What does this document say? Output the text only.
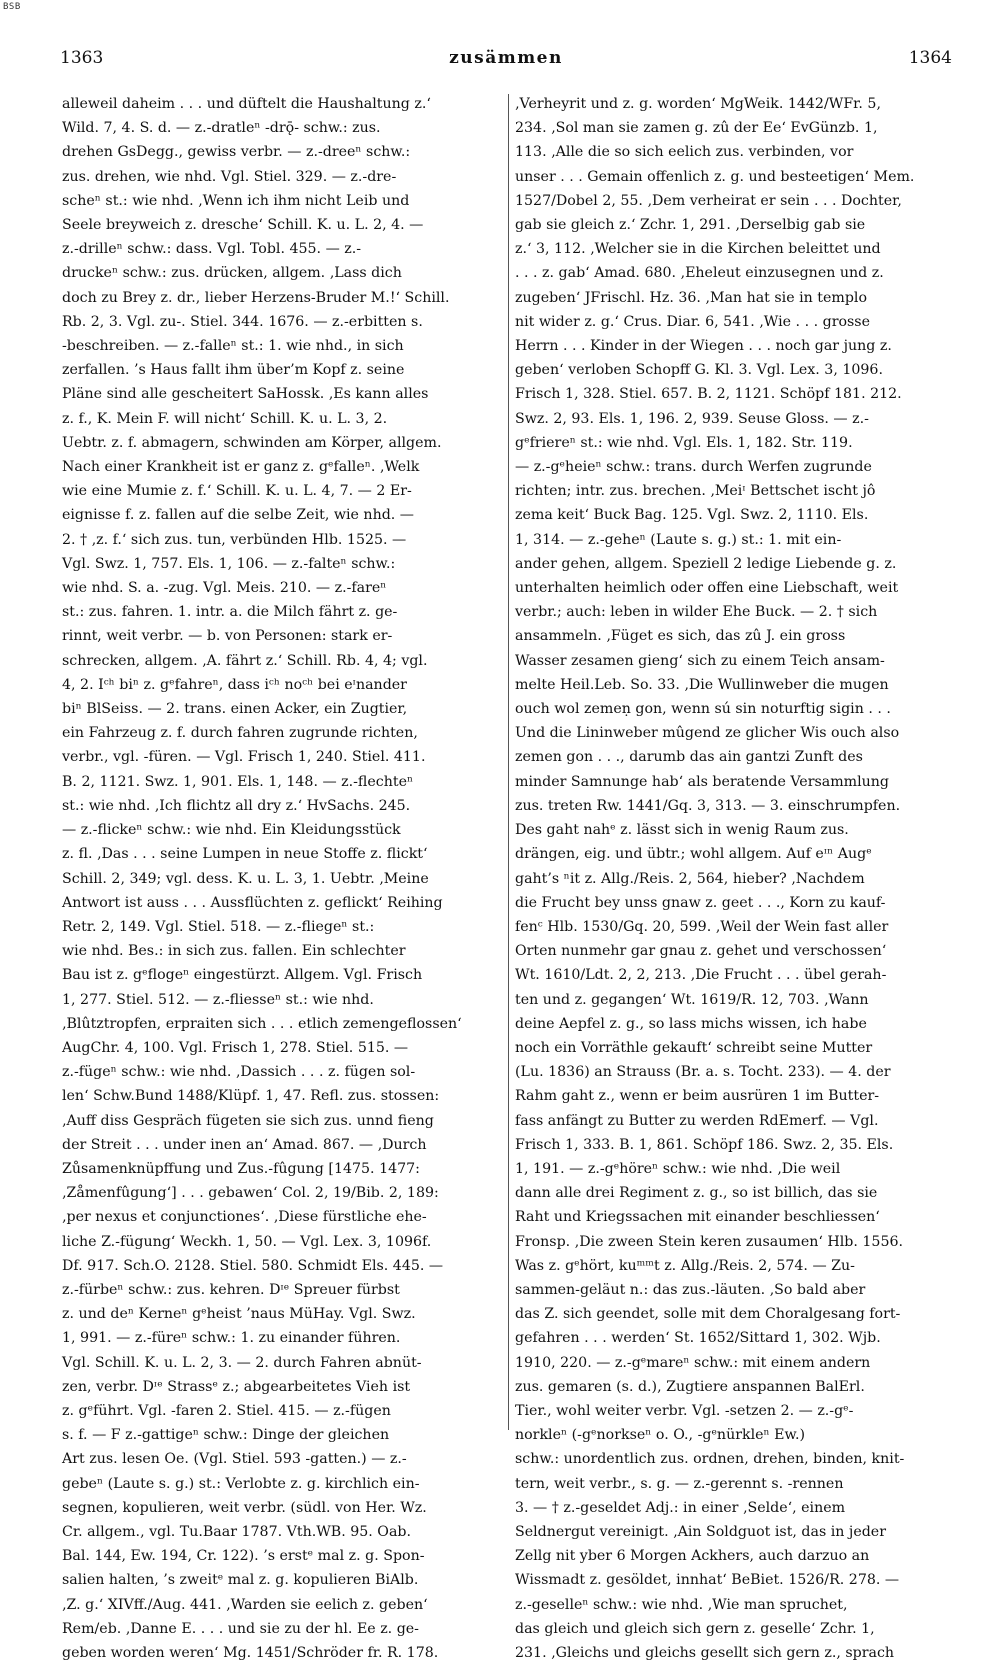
BSB
1363	zusämmen	1364
alleweil daheim . . . und düftelt die Haushaltung z.‘
Wild. 7, 4. S. d. — z.-dratleⁿ -drǭ- schw.: zus.
drehen GsDegg., gewiss verbr. — z.-dreeⁿ schw.:
zus. drehen, wie nhd. Vgl. Stiel. 329. — z.-dre-
scheⁿ st.: wie nhd. ‚Wenn ich ihm nicht Leib und
Seele breyweich z. dresche‘ Schill. K. u. L. 2, 4. —
z.-drilleⁿ schw.: dass. Vgl. Tobl. 455. — z.-
druckeⁿ schw.: zus. drücken, allgem. ‚Lass dich
doch zu Brey z. dr., lieber Herzens-Bruder M.!‘ Schill.
Rb. 2, 3. Vgl. zu-. Stiel. 344. 1676. — z.-erbitten s.
-beschreiben. — z.-falleⁿ st.: 1. wie nhd., in sich
zerfallen. ’s Haus fallt ihm über’m Kopf z. seine
Pläne sind alle gescheitert SaHossk. ‚Es kann alles
z. f., K. Mein F. will nicht‘ Schill. K. u. L. 3, 2.
Uebtr. z. f. abmagern, schwinden am Körper, allgem.
Nach einer Krankheit ist er ganz z. gᵉfalleⁿ. ‚Welk
wie eine Mumie z. f.‘ Schill. K. u. L. 4, 7. — 2 Er-
eignisse f. z. fallen auf die selbe Zeit, wie nhd. —
2. † ‚z. f.‘ sich zus. tun, verbünden Hlb. 1525. —
Vgl. Swz. 1, 757. Els. 1, 106. — z.-falteⁿ schw.:
wie nhd. S. a. -zug. Vgl. Meis. 210. — z.-fareⁿ
st.: zus. fahren. 1. intr. a. die Milch fährt z. ge-
rinnt, weit verbr. — b. von Personen: stark er-
schrecken, allgem. ‚A. fährt z.‘ Schill. Rb. 4, 4; vgl.
4, 2. Iᶜʰ biⁿ z. gᵉfahreⁿ, dass iᶜʰ noᶜʰ bei eᶦnander
biⁿ BlSeiss. — 2. trans. einen Acker, ein Zugtier,
ein Fahrzeug z. f. durch fahren zugrunde richten,
verbr., vgl. -füren. — Vgl. Frisch 1, 240. Stiel. 411.
B. 2, 1121. Swz. 1, 901. Els. 1, 148. — z.-flechteⁿ
st.: wie nhd. ‚Ich flichtz all dry z.‘ HvSachs. 245.
— z.-flickeⁿ schw.: wie nhd. Ein Kleidungsstück
z. fl. ‚Das . . . seine Lumpen in neue Stoffe z. flickt‘
Schill. 2, 349; vgl. dess. K. u. L. 3, 1. Uebtr. ‚Meine
Antwort ist auss . . . Aussflüchten z. geflickt‘ Reihing
Retr. 2, 149. Vgl. Stiel. 518. — z.-fliegeⁿ st.:
wie nhd. Bes.: in sich zus. fallen. Ein schlechter
Bau ist z. gᵉflogeⁿ eingestürzt. Allgem. Vgl. Frisch
1, 277. Stiel. 512. — z.-fliesseⁿ st.: wie nhd.
‚Blûtztropfen, erpraiten sich . . . etlich zemengeflossen‘
AugChr. 4, 100. Vgl. Frisch 1, 278. Stiel. 515. —
z.-fügeⁿ schw.: wie nhd. ‚Dassich . . . z. fügen sol-
len‘ Schw.Bund 1488/Klüpf. 1, 47. Refl. zus. stossen:
‚Auff diss Gespräch fügeten sie sich zus. unnd fieng
der Streit . . . under inen an‘ Amad. 867. — ‚Durch
Zůsamenknüpffung und Zus.-fûgung [1475. 1477:
‚Zåmenfûgung‘] . . . gebawen‘ Col. 2, 19/Bib. 2, 189:
‚per nexus et conjunctiones‘. ‚Diese fürstliche ehe-
liche Z.-fügung‘ Weckh. 1, 50. — Vgl. Lex. 3, 1096f.
Df. 917. Sch.O. 2128. Stiel. 580. Schmidt Els. 445. —
z.-fürbeⁿ schw.: zus. kehren. Dᶦᵉ Spreuer fürbst
z. und deⁿ Kerneⁿ gᵉheist ’naus MüHay. Vgl. Swz.
1, 991. — z.-füreⁿ schw.: 1. zu einander führen.
Vgl. Schill. K. u. L. 2, 3. — 2. durch Fahren abnüt-
zen, verbr. Dᶦᵉ Strassᵉ z.; abgearbeitetes Vieh ist
z. gᵉführt. Vgl. -faren 2. Stiel. 415. — z.-fügen
s. f. — F z.-gattigeⁿ schw.: Dinge der gleichen
Art zus. lesen Oe. (Vgl. Stiel. 593 -gatten.) — z.-
gebeⁿ (Laute s. g.) st.: Verlobte z. g. kirchlich ein-
segnen, kopulieren, weit verbr. (südl. von Her. Wz.
Cr. allgem., vgl. Tu.Baar 1787. Vth.WB. 95. Oab.
Bal. 144, Ew. 194, Cr. 122). ’s erstᵉ mal z. g. Spon-
salien halten, ’s zweitᵉ mal z. g. kopulieren BiAlb.
‚Z. g.‘ XIVff./Aug. 441. ‚Warden sie eelich z. geben‘
Rem/eb. ‚Danne E. . . . und sie zu der hl. Ee z. ge-
geben worden weren‘ Mg. 1451/Schröder fr. R. 178.
‚Verheyrit und z. g. worden‘ MgWeik. 1442/WFr. 5,
234. ‚Sol man sie zamen g. zû der Ee‘ EvGünzb. 1,
113. ‚Alle die so sich eelich zus. verbinden, vor
unser . . . Gemain offenlich z. g. und besteetigen‘ Mem.
1527/Dobel 2, 55. ‚Dem verheirat er sein . . . Dochter,
gab sie gleich z.‘ Zchr. 1, 291. ‚Derselbig gab sie
z.‘ 3, 112. ‚Welcher sie in die Kirchen beleittet und
. . . z. gab‘ Amad. 680. ‚Eheleut einzusegnen und z.
zugeben‘ JFrischl. Hz. 36. ‚Man hat sie in templo
nit wider z. g.‘ Crus. Diar. 6, 541. ‚Wie . . . grosse
Herrn . . . Kinder in der Wiegen . . . noch gar jung z.
geben‘ verloben Schopff G. Kl. 3. Vgl. Lex. 3, 1096.
Frisch 1, 328. Stiel. 657. B. 2, 1121. Schöpf 181. 212.
Swz. 2, 93. Els. 1, 196. 2, 939. Seuse Gloss. — z.-
gᵉfriereⁿ st.: wie nhd. Vgl. Els. 1, 182. Str. 119.
— z.-gᵉheieⁿ schw.: trans. durch Werfen zugrunde
richten; intr. zus. brechen. ‚Meiᶦ Bettschet ischt jô
zema keit‘ Buck Bag. 125. Vgl. Swz. 2, 1110. Els.
1, 314. — z.-geheⁿ (Laute s. g.) st.: 1. mit ein-
ander gehen, allgem. Speziell 2 ledige Liebende g. z.
unterhalten heimlich oder offen eine Liebschaft, weit
verbr.; auch: leben in wilder Ehe Buck. — 2. † sich
ansammeln. ‚Füget es sich, das zû J. ein gross
Wasser zesamen gieng‘ sich zu einem Teich ansam-
melte Heil.Leb. So. 33. ‚Die Wullinweber die mugen
ouch wol zemeṇ gon, wenn sú sin noturftig sigin . . .
Und die Lininweber mûgend ze glicher Wis ouch also
zemen gon . . ., darumb das ain gantzi Zunft des
minder Samnunge hab‘ als beratende Versammlung
zus. treten Rw. 1441/Gq. 3, 313. — 3. einschrumpfen.
Des gaht nahᵉ z. lässt sich in wenig Raum zus.
drängen, eig. und übtr.; wohl allgem. Auf eᶦⁿ Augᵉ
gaht’s ⁿit z. Allg./Reis. 2, 564, hieber? ‚Nachdem
die Frucht bey unss gnaw z. geet . . ., Korn zu kauf-
fenᶜ Hlb. 1530/Gq. 20, 599. ‚Weil der Wein fast aller
Orten nunmehr gar gnau z. gehet und verschossen‘
Wt. 1610/Ldt. 2, 2, 213. ‚Die Frucht . . . übel gerah-
ten und z. gegangen‘ Wt. 1619/R. 12, 703. ‚Wann
deine Aepfel z. g., so lass michs wissen, ich habe
noch ein Vorräthle gekauft‘ schreibt seine Mutter
(Lu. 1836) an Strauss (Br. a. s. Tocht. 233). — 4. der
Rahm gaht z., wenn er beim ausrüren 1 im Butter-
fass anfängt zu Butter zu werden RdEmerf. — Vgl.
Frisch 1, 333. B. 1, 861. Schöpf 186. Swz. 2, 35. Els.
1, 191. — z.-gᵉhöreⁿ schw.: wie nhd. ‚Die weil
dann alle drei Regiment z. g., so ist billich, das sie
Raht und Kriegssachen mit einander beschliessen‘
Fronsp. ‚Die zween Stein keren zusaumen‘ Hlb. 1556.
Was z. gᵉhört, kuᵐᵐt z. Allg./Reis. 2, 574. — Zu-
sammen-geläut n.: das zus.-läuten. ‚So bald aber
das Z. sich geendet, solle mit dem Choralgesang fort-
gefahren . . . werden‘ St. 1652/Sittard 1, 302. Wjb.
1910, 220. — z.-gᵉmareⁿ schw.: mit einem andern
zus. gemaren (s. d.), Zugtiere anspannen BalErl.
Tier., wohl weiter verbr. Vgl. -setzen 2. — z.-gᵉ-
norkleⁿ (-gᵉnorkseⁿ o. O., -gᵉnürkleⁿ Ew.)
schw.: unordentlich zus. ordnen, drehen, binden, knit-
tern, weit verbr., s. g. — z.-gerennt s. -rennen
3. — † z.-geseldet Adj.: in einer ‚Selde‘, einem
Seldnergut vereinigt. ‚Ain Soldguot ist, das in jeder
Zellg nit yber 6 Morgen Ackhers, auch darzuo an
Wissmadt z. gesöldet, innhat‘ BeBiet. 1526/R. 278. —
z.-geselleⁿ schw.: wie nhd. ‚Wie man spruchet,
das gleich und gleich sich gern z. geselle‘ Zchr. 1,
231. ‚Gleichs und gleichs gesellt sich gern z., sprach
